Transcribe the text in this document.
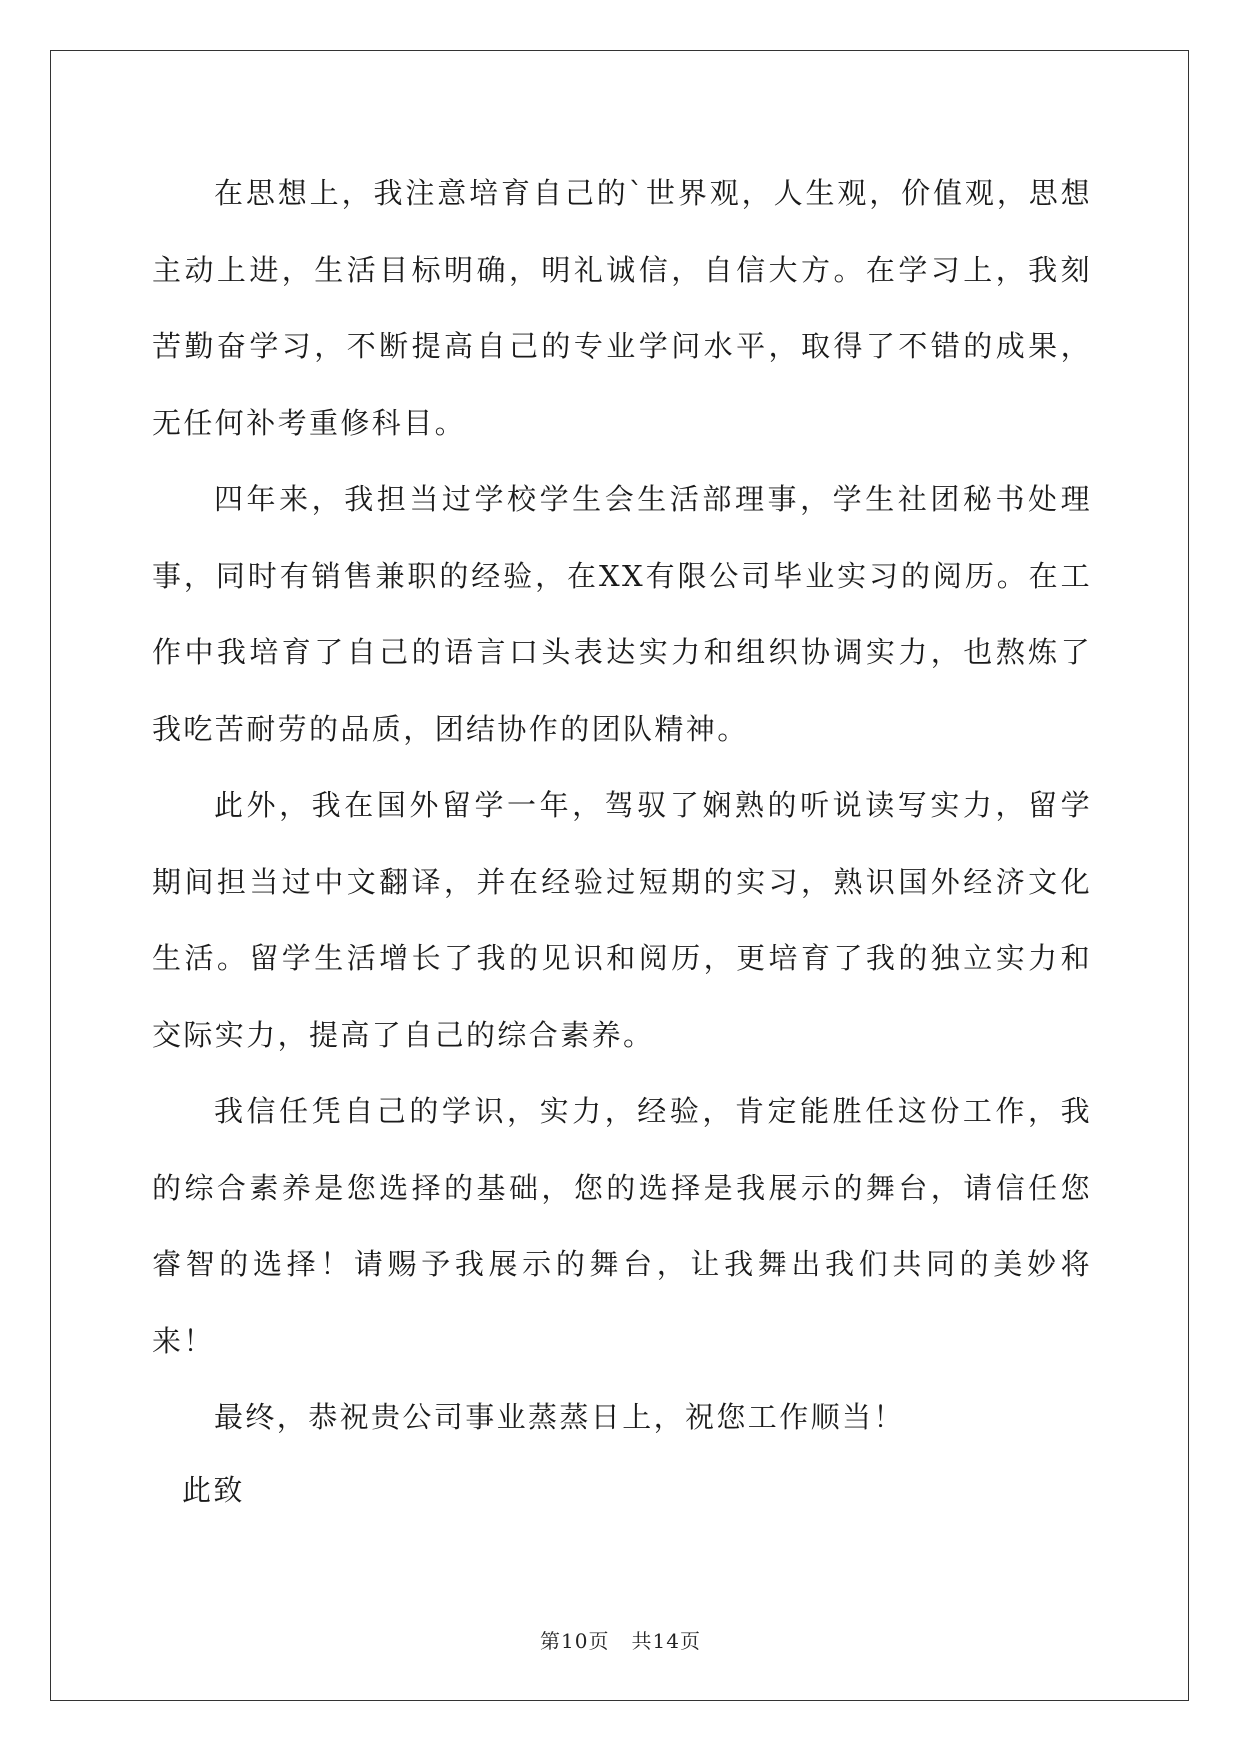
在思想上，我注意培育自己的`世界观，人生观，价值观，思想主动上进，生活目标明确，明礼诚信，自信大方。在学习上，我刻苦勤奋学习，不断提高自己的专业学问水平，取得了不错的成果，无任何补考重修科目。

四年来，我担当过学校学生会生活部理事，学生社团秘书处理事，同时有销售兼职的经验，在XX有限公司毕业实习的阅历。在工作中我培育了自己的语言口头表达实力和组织协调实力，也熬炼了我吃苦耐劳的品质，团结协作的团队精神。

此外，我在国外留学一年，驾驭了娴熟的听说读写实力，留学期间担当过中文翻译，并在经验过短期的实习，熟识国外经济文化生活。留学生活增长了我的见识和阅历，更培育了我的独立实力和交际实力，提高了自己的综合素养。

我信任凭自己的学识，实力，经验，肯定能胜任这份工作，我的综合素养是您选择的基础，您的选择是我展示的舞台，请信任您睿智的选择！请赐予我展示的舞台，让我舞出我们共同的美妙将来！

最终，恭祝贵公司事业蒸蒸日上，祝您工作顺当！

此致

第10页 共14页
